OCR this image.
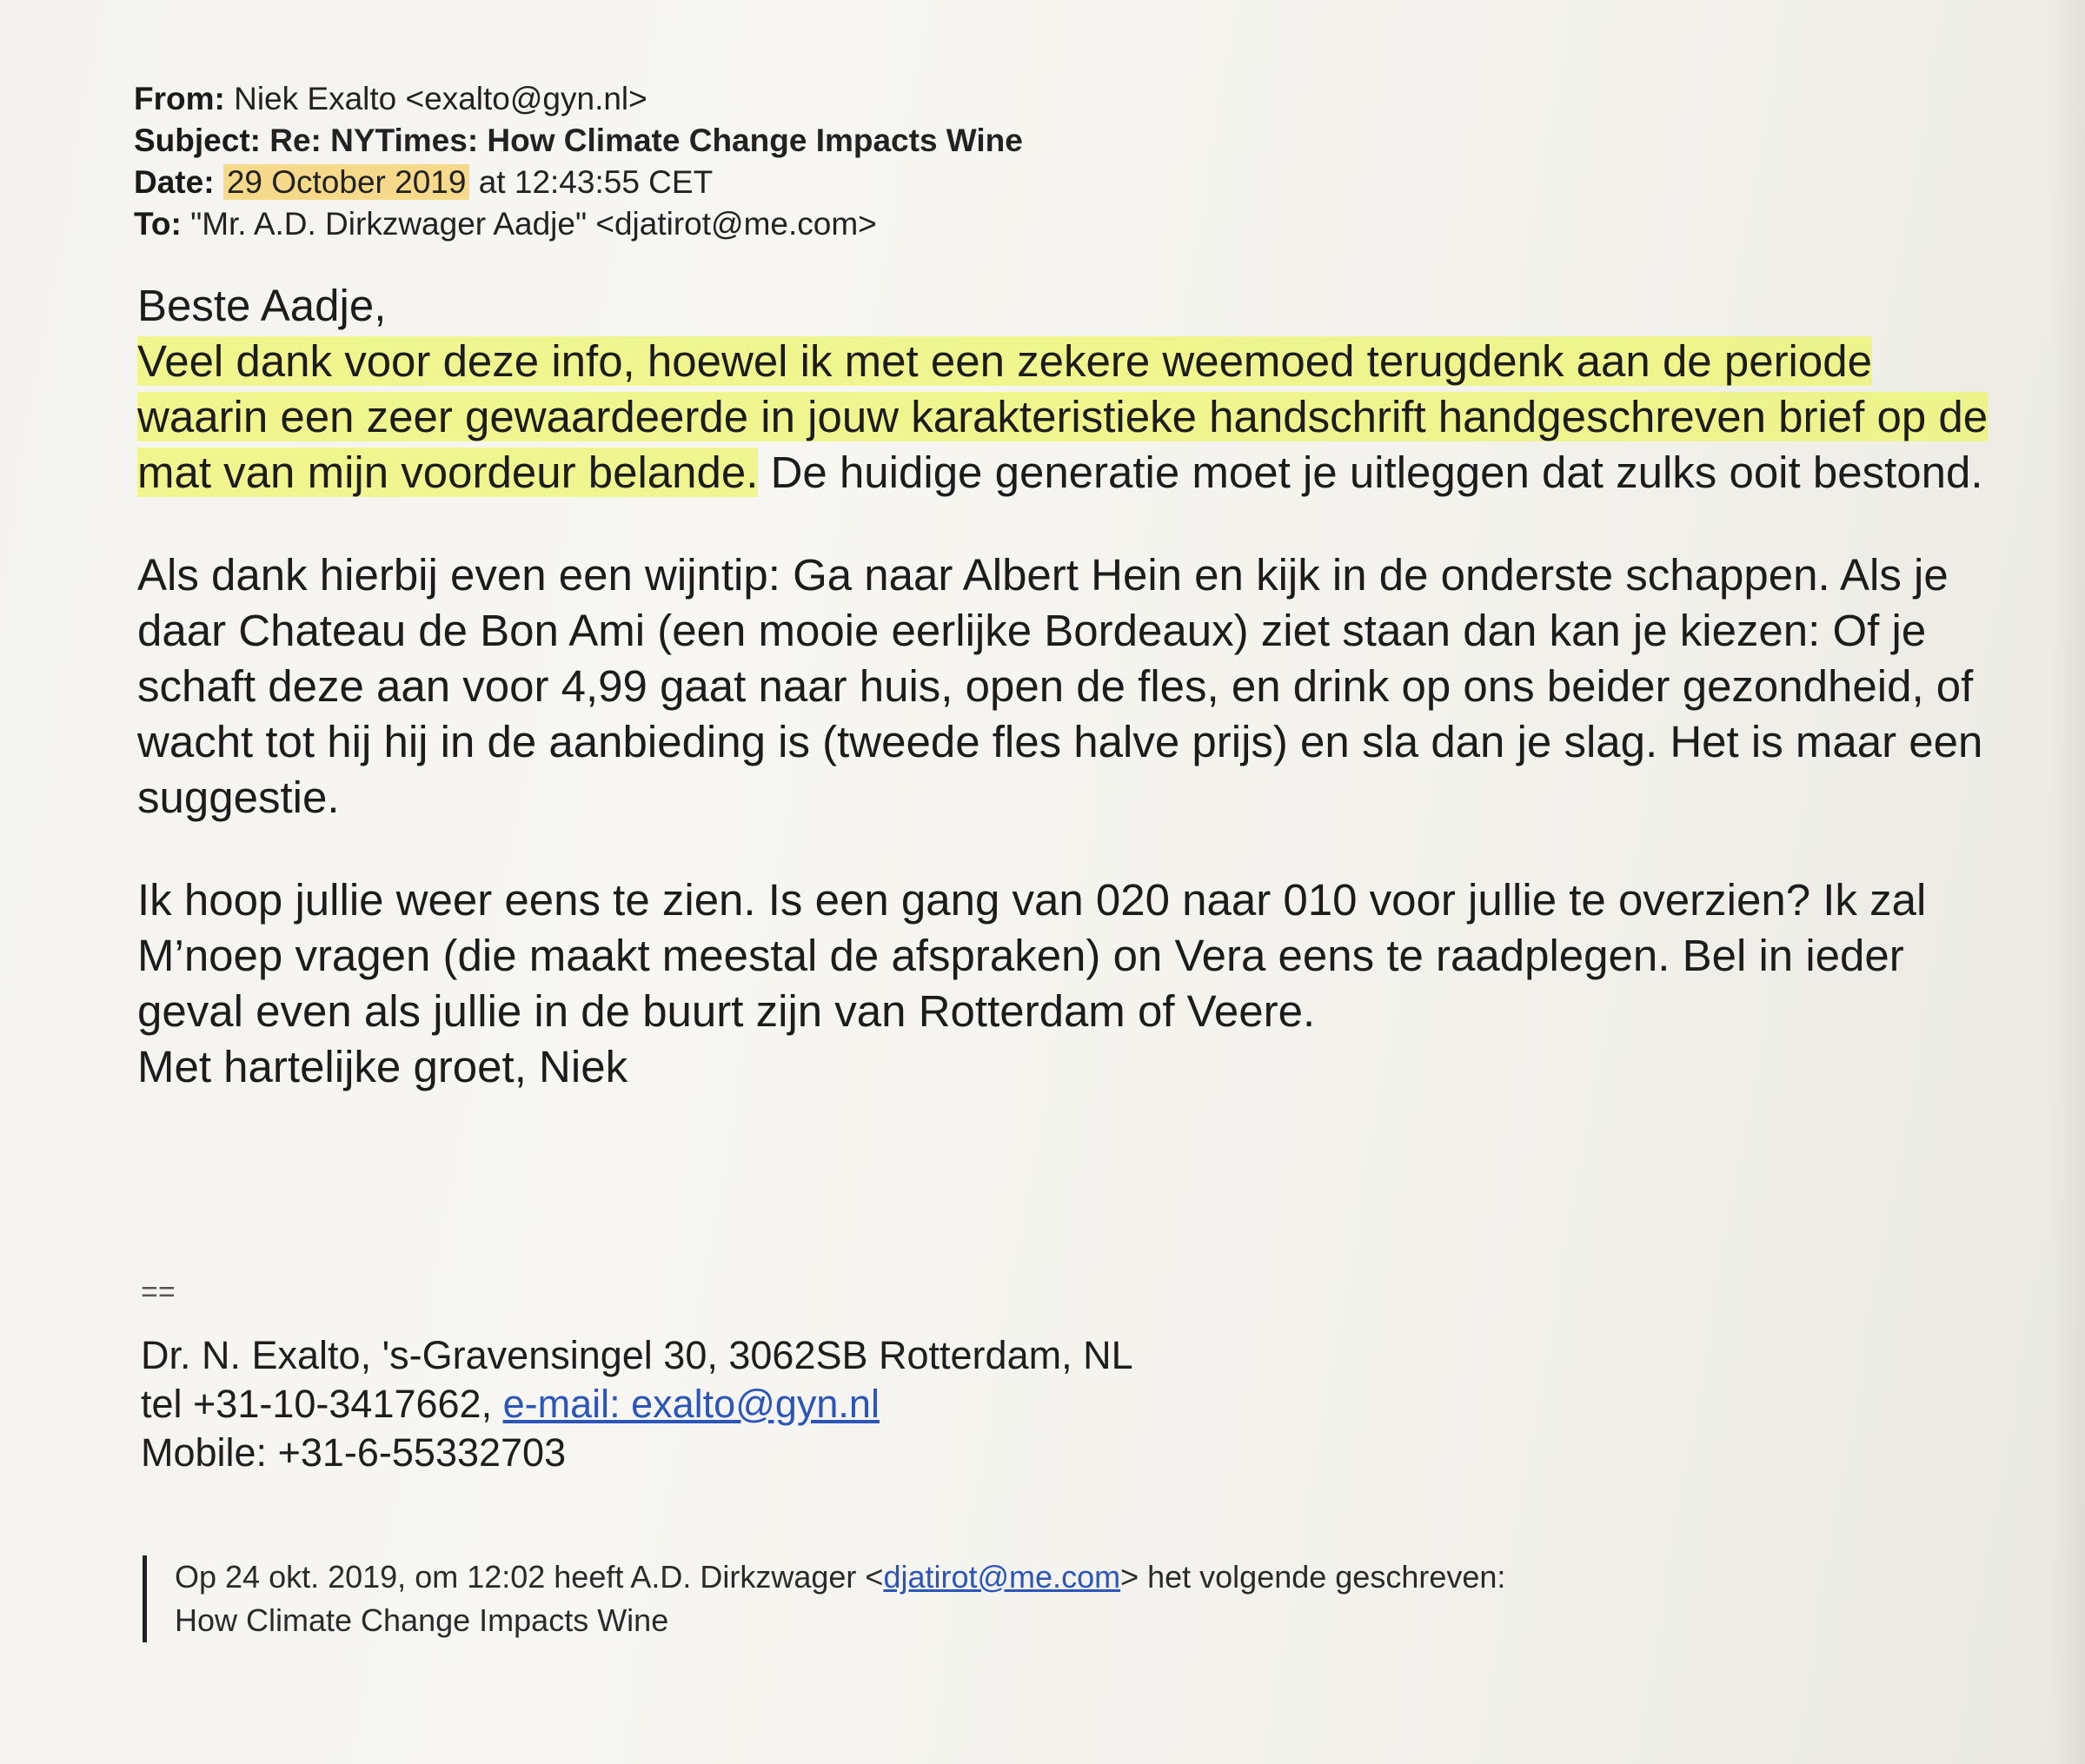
From: Niek Exalto <exalto@gyn.nl>
Subject: Re: NYTimes: How Climate Change Impacts Wine
Date: 29 October 2019 at 12:43:55 CET
To: "Mr. A.D. Dirkzwager Aadje" <djatirot@me.com>

Beste Aadje,

Veel dank voor deze info, hoewel ik met een zekere weemoed terugdenk aan de periode waarin een zeer gewaardeerde in jouw karakteristieke handschrift handgeschreven brief op de mat van mijn voordeur belande. De huidige generatie moet je uitleggen dat zulks ooit bestond.

Als dank hierbij even een wijntip: Ga naar Albert Hein en kijk in de onderste schappen. Als je daar Chateau de Bon Ami (een mooie eerlijke Bordeaux) ziet staan dan kan je kiezen: Of je schaft deze aan voor 4,99 gaat naar huis, open de fles, en drink op ons beider gezondheid, of wacht tot hij hij in de aanbieding is (tweede fles halve prijs) en sla dan je slag. Het is maar een suggestie.

Ik hoop jullie weer eens te zien. Is een gang van 020 naar 010 voor jullie te overzien? Ik zal M’noep vragen (die maakt meestal de afspraken) on Vera eens te raadplegen. Bel in ieder geval even als jullie in de buurt zijn van Rotterdam of Veere.

Met hartelijke groet, Niek

==
Dr. N. Exalto, 's-Gravensingel 30, 3062SB Rotterdam, NL
tel +31-10-3417662, e-mail: exalto@gyn.nl
Mobile: +31-6-55332703
Op 24 okt. 2019, om 12:02 heeft A.D. Dirkzwager <djatirot@me.com> het volgende geschreven:
How Climate Change Impacts Wine
